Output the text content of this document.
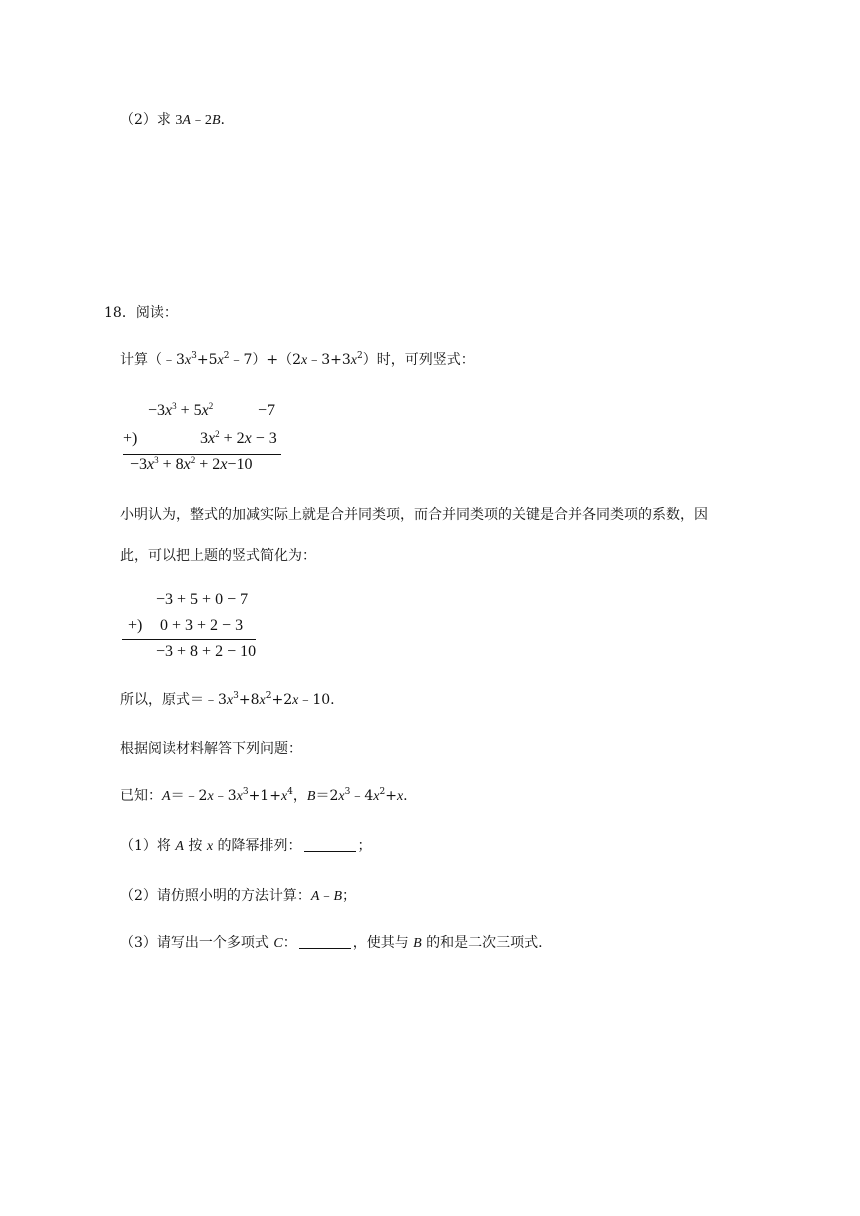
（2）求 3A﹣2B.
18．阅读：
计算$(﹣3x^3+5x^2﹣7)+(2x﹣3+3x^2)$时，可列竖式：
$-3x^3 + 5x^2$	−7
+)	$3x^2 + 2x - 3$
$-3x^3 + 8x^2 + 2x-10$
小明认为，整式的加减实际上就是合并同类项，而合并同类项的关键是合并各同类项的系数，因
此，可以把上题的竖式简化为：
−3 + 5 + 0 − 7
+) 0 + 3 + 2 − 3
−3 + 8 + 2 − 10
所以，原式$=﹣3x^3+8x^2+2x﹣10$.
根据阅读材料解答下列问题：
已知：$A=﹣2x﹣3x^3+1+x^4$，$B=2x^3﹣4x^2+x$.
（1）将 A 按 x 的降幂排列：	；
（2）请仿照小明的方法计算：A﹣B；
（3）请写出一个多项式 C：	，使其与 B 的和是二次三项式.
